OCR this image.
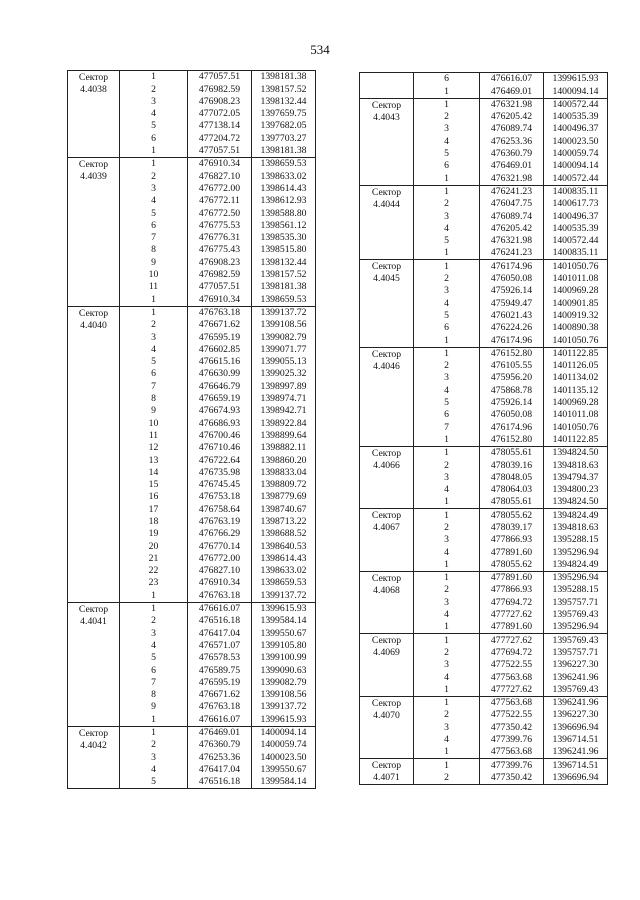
534
Сектор
4.4038	1	477057.51	1398181.38
	2	476982.59	1398157.52
	3	476908.23	1398132.44
	4	477072.05	1397659.75
	5	477138.14	1397682.05
	6	477204.72	1397703.27
	1	477057.51	1398181.38
Сектор
4.4039	1	476910.34	1398659.53
	2	476827.10	1398633.02
	3	476772.00	1398614.43
	4	476772.11	1398612.93
	5	476772.50	1398588.80
	6	476775.53	1398561.12
	7	476776.31	1398535.30
	8	476775.43	1398515.80
	9	476908.23	1398132.44
	10	476982.59	1398157.52
	11	477057.51	1398181.38
	1	476910.34	1398659.53
Сектор
4.4040	1	476763.18	1399137.72
	2	476671.62	1399108.56
	3	476595.19	1399082.79
	4	476602.85	1399071.77
	5	476615.16	1399055.13
	6	476630.99	1399025.32
	7	476646.79	1398997.89
	8	476659.19	1398974.71
	9	476674.93	1398942.71
	10	476686.93	1398922.84
	11	476700.46	1398899.64
	12	476710.46	1398882.11
	13	476722.64	1398860.20
	14	476735.98	1398833.04
	15	476745.45	1398809.72
	16	476753.18	1398779.69
	17	476758.64	1398740.67
	18	476763.19	1398713.22
	19	476766.29	1398688.52
	20	476770.14	1398640.53
	21	476772.00	1398614.43
	22	476827.10	1398633.02
	23	476910.34	1398659.53
	1	476763.18	1399137.72
Сектор
4.4041	1	476616.07	1399615.93
	2	476516.18	1399584.14
	3	476417.04	1399550.67
	4	476571.07	1399105.80
	5	476578.53	1399100.99
	6	476589.75	1399090.63
	7	476595.19	1399082.79
	8	476671.62	1399108.56
	9	476763.18	1399137.72
	1	476616.07	1399615.93
Сектор
4.4042	1	476469.01	1400094.14
	2	476360.79	1400059.74
	3	476253.36	1400023.50
	4	476417.04	1399550.67
	5	476516.18	1399584.14
	6	476616.07	1399615.93
	1	476469.01	1400094.14
Сектор
4.4043	1	476321.98	1400572.44
	2	476205.42	1400535.39
	3	476089.74	1400496.37
	4	476253.36	1400023.50
	5	476360.79	1400059.74
	6	476469.01	1400094.14
	1	476321.98	1400572.44
Сектор
4.4044	1	476241.23	1400835.11
	2	476047.75	1400617.73
	3	476089.74	1400496.37
	4	476205.42	1400535.39
	5	476321.98	1400572.44
	1	476241.23	1400835.11
Сектор
4.4045	1	476174.96	1401050.76
	2	476050.08	1401011.08
	3	475926.14	1400969.28
	4	475949.47	1400901.85
	5	476021.43	1400919.32
	6	476224.26	1400890.38
	1	476174.96	1401050.76
Сектор
4.4046	1	476152.80	1401122.85
	2	476105.55	1401126.05
	3	475956.20	1401134.02
	4	475868.78	1401135.12
	5	475926.14	1400969.28
	6	476050.08	1401011.08
	7	476174.96	1401050.76
	1	476152.80	1401122.85
Сектор
4.4066	1	478055.61	1394824.50
	2	478039.16	1394818.63
	3	478048.05	1394794.37
	4	478064.03	1394800.23
	1	478055.61	1394824.50
Сектор
4.4067	1	478055.62	1394824.49
	2	478039.17	1394818.63
	3	477866.93	1395288.15
	4	477891.60	1395296.94
	1	478055.62	1394824.49
Сектор
4.4068	1	477891.60	1395296.94
	2	477866.93	1395288.15
	3	477694.72	1395757.71
	4	477727.62	1395769.43
	1	477891.60	1395296.94
Сектор
4.4069	1	477727.62	1395769.43
	2	477694.72	1395757.71
	3	477522.55	1396227.30
	4	477563.68	1396241.96
	1	477727.62	1395769.43
Сектор
4.4070	1	477563.68	1396241.96
	2	477522.55	1396227.30
	3	477350.42	1396696.94
	4	477399.76	1396714.51
	1	477563.68	1396241.96
Сектор
4.4071	1	477399.76	1396714.51
	2	477350.42	1396696.94
